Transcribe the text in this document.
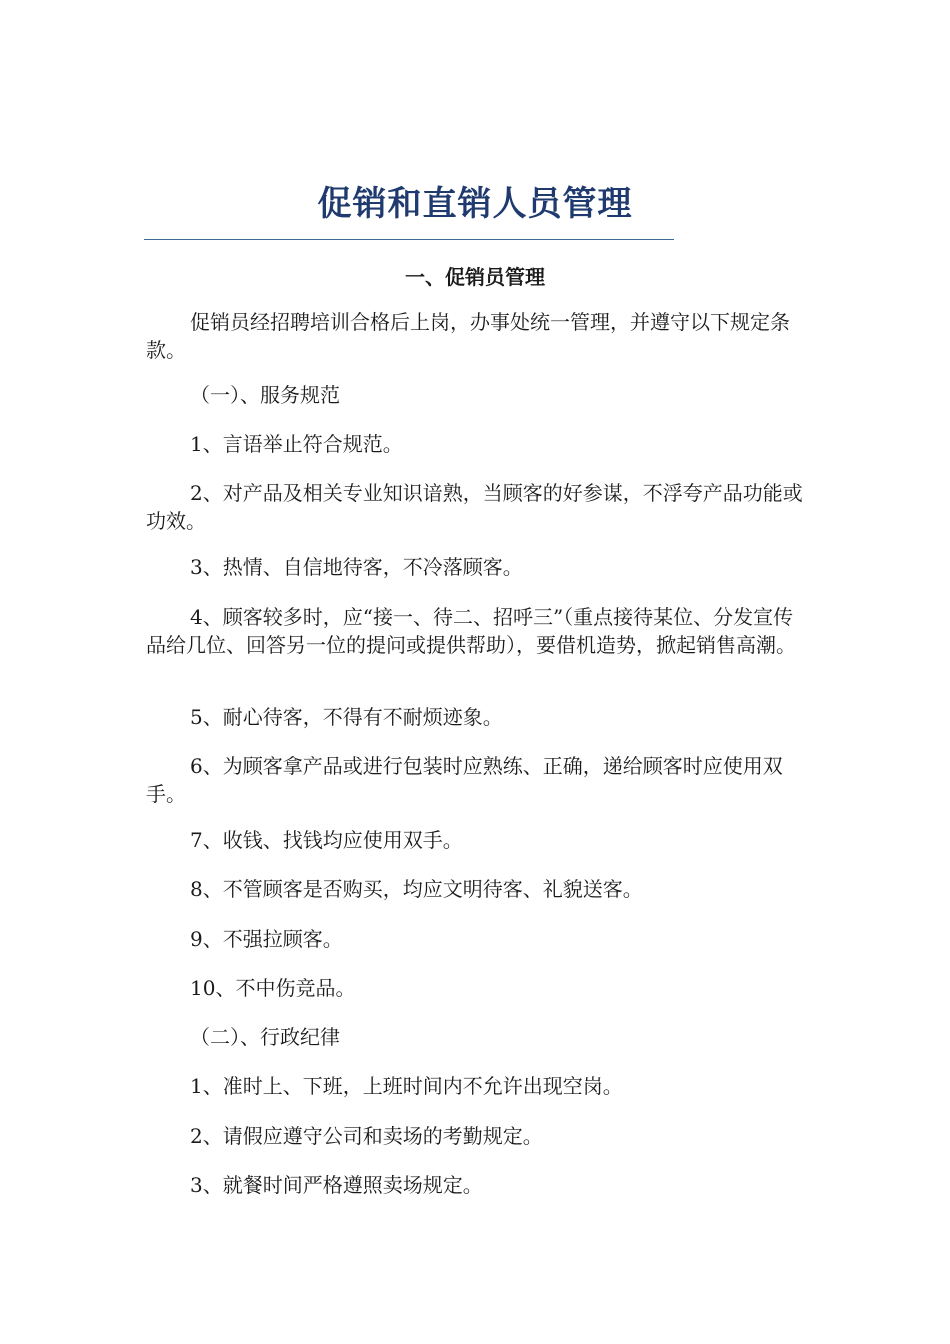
促销和直销人员管理
一、促销员管理

促销员经招聘培训合格后上岗，办事处统一管理，并遵守以下规定条款。

（一）、服务规范

1、言语举止符合规范。

2、对产品及相关专业知识谙熟，当顾客的好参谋，不浮夸产品功能或功效。

3、热情、自信地待客，不冷落顾客。

4、顾客较多时，应“接一、待二、招呼三”（重点接待某位、分发宣传品给几位、回答另一位的提问或提供帮助），要借机造势，掀起销售高潮。

5、耐心待客，不得有不耐烦迹象。

6、为顾客拿产品或进行包装时应熟练、正确，递给顾客时应使用双手。

7、收钱、找钱均应使用双手。

8、不管顾客是否购买，均应文明待客、礼貌送客。

9、不强拉顾客。

10、不中伤竞品。

（二）、行政纪律

1、准时上、下班，上班时间内不允许出现空岗。

2、请假应遵守公司和卖场的考勤规定。

3、就餐时间严格遵照卖场规定。
